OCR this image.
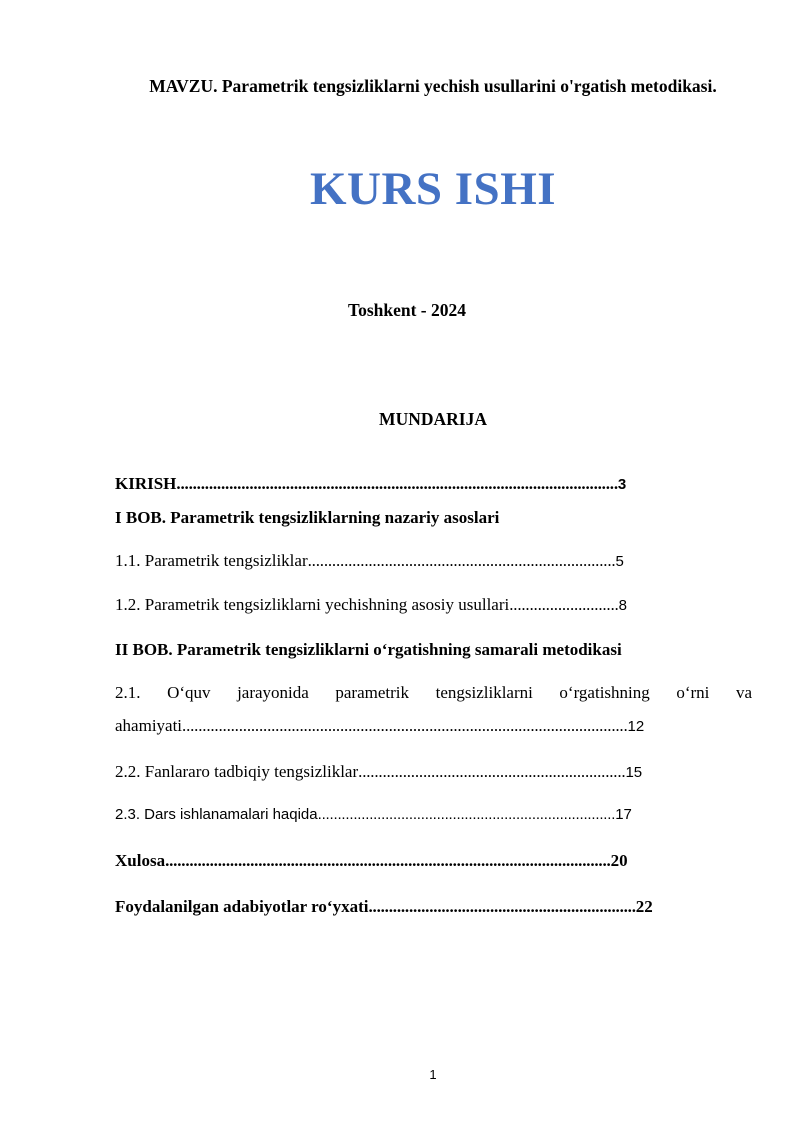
MAVZU. Parametrik tengsizliklarni yechish usullarini o'rgatish metodikasi.
KURS ISHI
Toshkent - 2024
MUNDARIJA
KIRISH.............................................................................................................3
I BOB. Parametrik tengsizliklarning nazariy asoslari
1.1. Parametrik tengsizliklar............................................................................5
1.2. Parametrik tengsizliklarni yechishning asosiy usullari...........................8
II BOB. Parametrik tengsizliklarni o‘rgatishning samarali metodikasi
2.1. O‘quv jarayonida parametrik tengsizliklarni o‘rgatishning o‘rni va
ahamiyati..............................................................................................................12
2.2. Fanlararo tadbiqiy tengsizliklar..................................................................15
2.3. Dars ishlanamalari haqida...........................................................................17
Xulosa..............................................................................................................20
Foydalanilgan adabiyotlar ro‘yxati..................................................................22
1
